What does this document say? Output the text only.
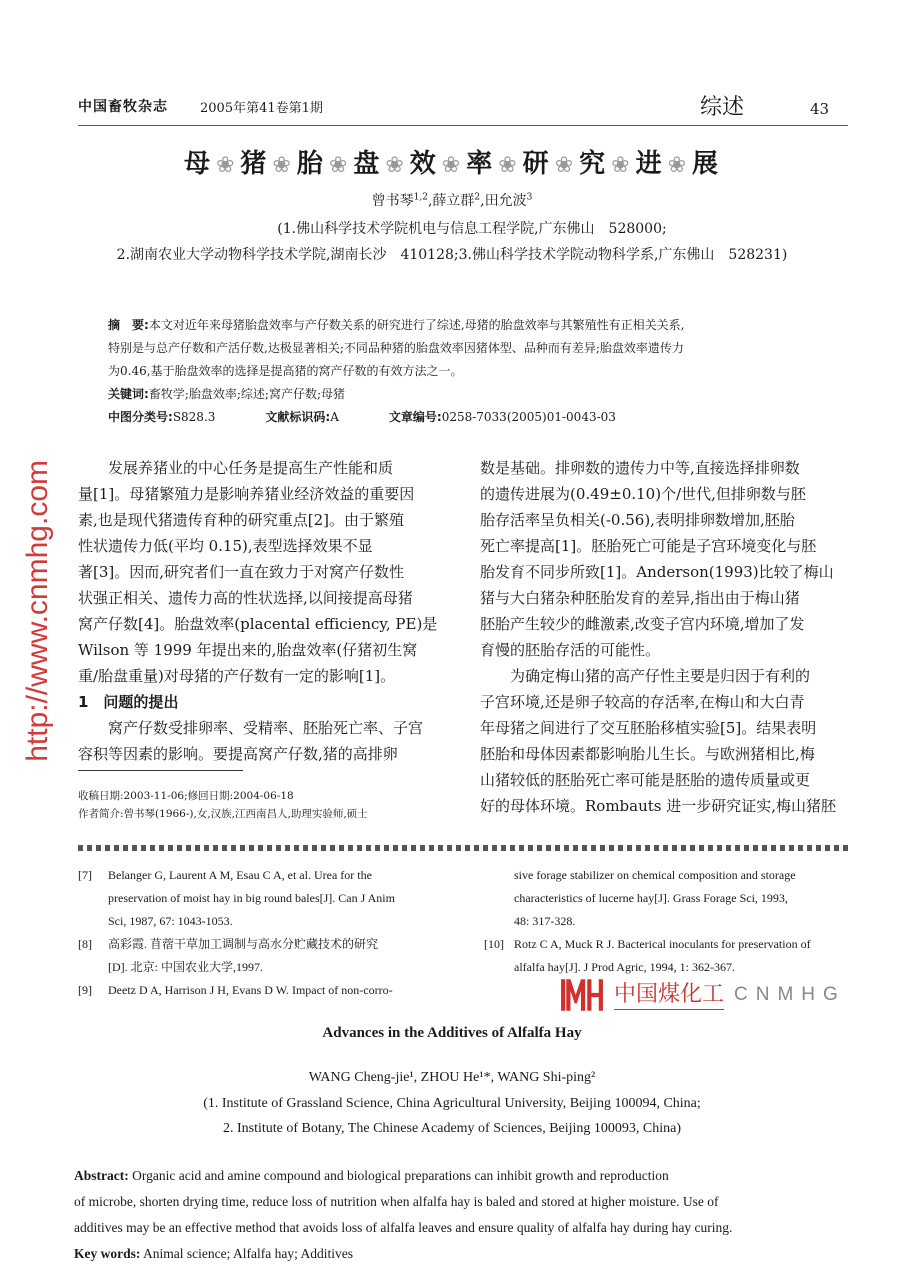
中国畜牧杂志 2005年第41卷第1期	综述	43
母 ❀ 猪 ❀ 胎 ❀ 盘 ❀ 效 ❀ 率 ❀ 研 ❀ 究 ❀ 进 ❀ 展
曾书琴$^{1,2}$,薛立群$^2$,田允波$^3$
(1.佛山科学技术学院机电与信息工程学院,广东佛山　528000;
2.湖南农业大学动物科学技术学院,湖南长沙　410128;3.佛山科学技术学院动物科学系,广东佛山　528231)
摘　要:本文对近年来母猪胎盘效率与产仔数关系的研究进行了综述,母猪的胎盘效率与其繁殖性有正相关关系,
特别是与总产仔数和产活仔数,达极显著相关;不同品种猪的胎盘效率因猪体型、品种而有差异;胎盘效率遗传力
为0.46,基于胎盘效率的选择是提高猪的窝产仔数的有效方法之一。
关键词:畜牧学;胎盘效率;综述;窝产仔数;母猪
中图分类号:S828.3	文献标识码:A	文章编号:0258-7033(2005)01-0043-03
发展养猪业的中心任务是提高生产性能和质
量[1]。母猪繁殖力是影响养猪业经济效益的重要因
素,也是现代猪遗传育种的研究重点[2]。由于繁殖
性状遗传力低(平均 0.15),表型选择效果不显
著[3]。因而,研究者们一直在致力于对窝产仔数性
状强正相关、遗传力高的性状选择,以间接提高母猪
窝产仔数[4]。胎盘效率(placental efficiency, PE)是
Wilson 等 1999 年提出来的,胎盘效率(仔猪初生窝
重/胎盘重量)对母猪的产仔数有一定的影响[1]。
1　问题的提出
窝产仔数受排卵率、受精率、胚胎死亡率、子宫
容积等因素的影响。要提高窝产仔数,猪的高排卵
收稿日期:2003-11-06;修回日期:2004-06-18
作者简介:曾书琴(1966-),女,汉族,江西南昌人,助理实验师,硕士
数是基础。排卵数的遗传力中等,直接选择排卵数
的遗传进展为(0.49±0.10)个/世代,但排卵数与胚
胎存活率呈负相关(-0.56),表明排卵数增加,胚胎
死亡率提高[1]。胚胎死亡可能是子宫环境变化与胚
胎发育不同步所致[1]。Anderson(1993)比较了梅山
猪与大白猪杂种胚胎发育的差异,指出由于梅山猪
胚胎产生较少的雌激素,改变子宫内环境,增加了发
育慢的胚胎存活的可能性。
为确定梅山猪的高产仔性主要是归因于有利的
子宫环境,还是卵子较高的存活率,在梅山和大白青
年母猪之间进行了交互胚胎移植实验[5]。结果表明
胚胎和母体因素都影响胎儿生长。与欧洲猪相比,梅
山猪较低的胚胎死亡率可能是胚胎的遗传质量或更
好的母体环境。Rombauts 进一步研究证实,梅山猪胚
[7] Belanger G, Laurent A M, Esau C A, et al. Urea for the
preservation of moist hay in big round bales[J]. Can J Anim
Sci, 1987, 67: 1043-1053.
[8] 高彩霞. 苜蓿干草加工调制与高水分贮藏技术的研究
[D]. 北京: 中国农业大学,1997.
[9] Deetz D A, Harrison J H, Evans D W. Impact of non-corro-
sive forage stabilizer on chemical composition and storage
characteristics of lucerne hay[J]. Grass Forage Sci, 1993,
48: 317-328.
[10] Rotz C A, Muck R J. Bacterical inoculants for preservation of
alfalfa hay[J]. J Prod Agric, 1994, 1: 362-367.
Advances in the Additives of Alfalfa Hay
WANG Cheng-jie¹, ZHOU He¹*, WANG Shi-ping²
(1. Institute of Grassland Science, China Agricultural University, Beijing 100094, China;
2. Institute of Botany, The Chinese Academy of Sciences, Beijing 100093, China)
Abstract: Organic acid and amine compound and biological preparations can inhibit growth and reproduction
of microbe, shorten drying time, reduce loss of nutrition when alfalfa hay is baled and stored at higher moisture. Use of
additives may be an effective method that avoids loss of alfalfa leaves and ensure quality of alfalfa hay during hay curing.
Key words: Animal science; Alfalfa hay; Additives
http://www.cnmhg.com
中国煤化工 CNMHG
